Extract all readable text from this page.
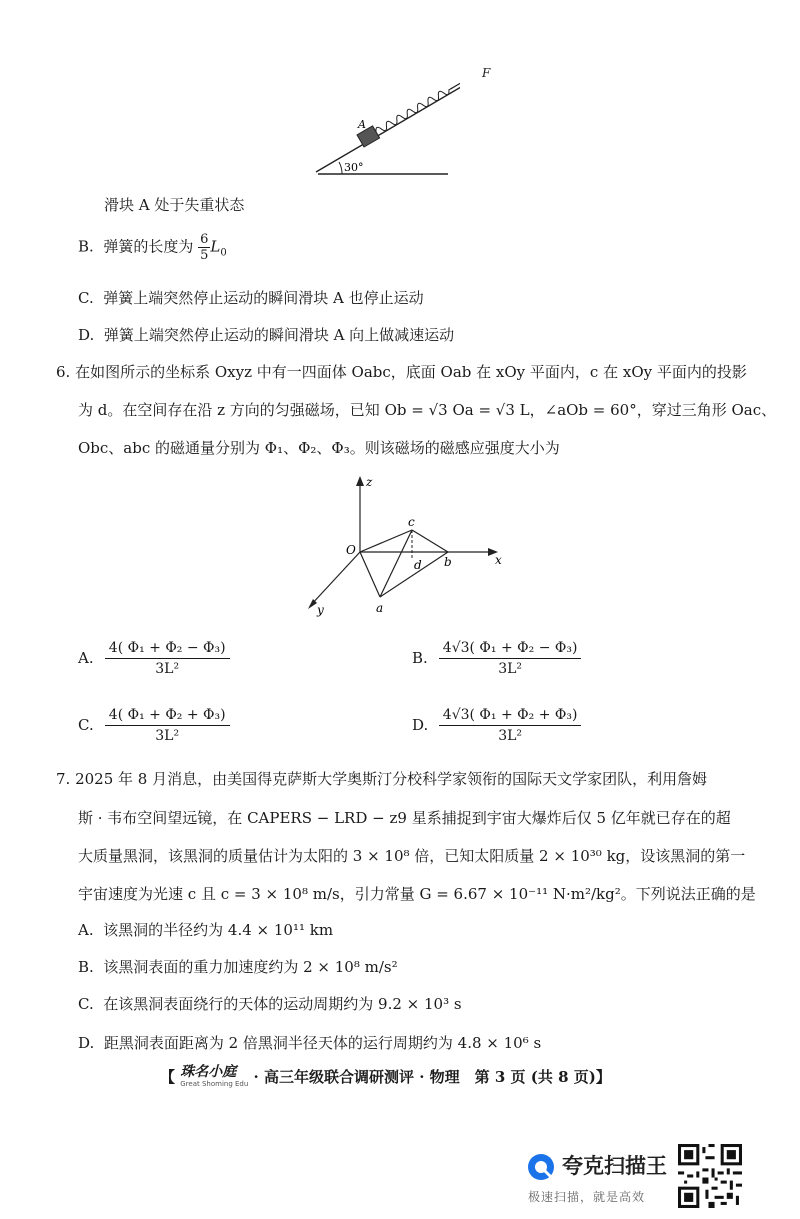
30°
A
F
滑块 A 处于失重状态
B. 弹簧的长度为 $\frac{6}{5} L_0$
C. 弹簧上端突然停止运动的瞬间滑块 A 也停止运动
D. 弹簧上端突然停止运动的瞬间滑块 A 向上做减速运动
6. 在如图所示的坐标系 Oxyz 中有一四面体 Oabc，底面 Oab 在 xOy 平面内，c 在 xOy 平面内的投影
为 d。在空间存在沿 z 方向的匀强磁场，已知 Ob = √3 Oa = √3 L，∠aOb = 60°，穿过三角形 Oac、
Obc、abc 的磁通量分别为 Φ₁、Φ₂、Φ₃。则该磁场的磁感应强度大小为
z
x
y
O
a
b
c
d
A. $\frac{\text{4( Φ₁ + Φ₂ − Φ₃)}}{\text{3L²}}$	B. $\frac{\text{4√3( Φ₁ + Φ₂ − Φ₃)}}{\text{3L²}}$
C. $\frac{\text{4( Φ₁ + Φ₂ + Φ₃)}}{\text{3L²}}$	D. $\frac{\text{4√3( Φ₁ + Φ₂ + Φ₃)}}{\text{3L²}}$
7. 2025 年 8 月消息，由美国得克萨斯大学奥斯汀分校科学家领衔的国际天文学家团队，利用詹姆
斯 · 韦布空间望远镜，在 CAPERS − LRD − z9 星系捕捉到宇宙大爆炸后仅 5 亿年就已存在的超
大质量黑洞，该黑洞的质量估计为太阳的 3 × 10⁸ 倍，已知太阳质量 2 × 10³⁰ kg，设该黑洞的第一
宇宙速度为光速 c 且 c = 3 × 10⁸ m/s，引力常量 G = 6.67 × 10⁻¹¹ N·m²/kg²。下列说法正确的是
A. 该黑洞的半径约为 4.4 × 10¹¹ km
B. 该黑洞表面的重力加速度约为 2 × 10⁸ m/s²
C. 在该黑洞表面绕行的天体的运动周期约为 9.2 × 10³ s
D. 距黑洞表面距离为 2 倍黑洞半径天体的运行周期约为 4.8 × 10⁶ s
【 珠名小庭
Great Shoming Edu · 高三年级联合调研测评 · 物理　第 3 页 (共 8 页)】
夸克扫描王
极速扫描，就是高效
